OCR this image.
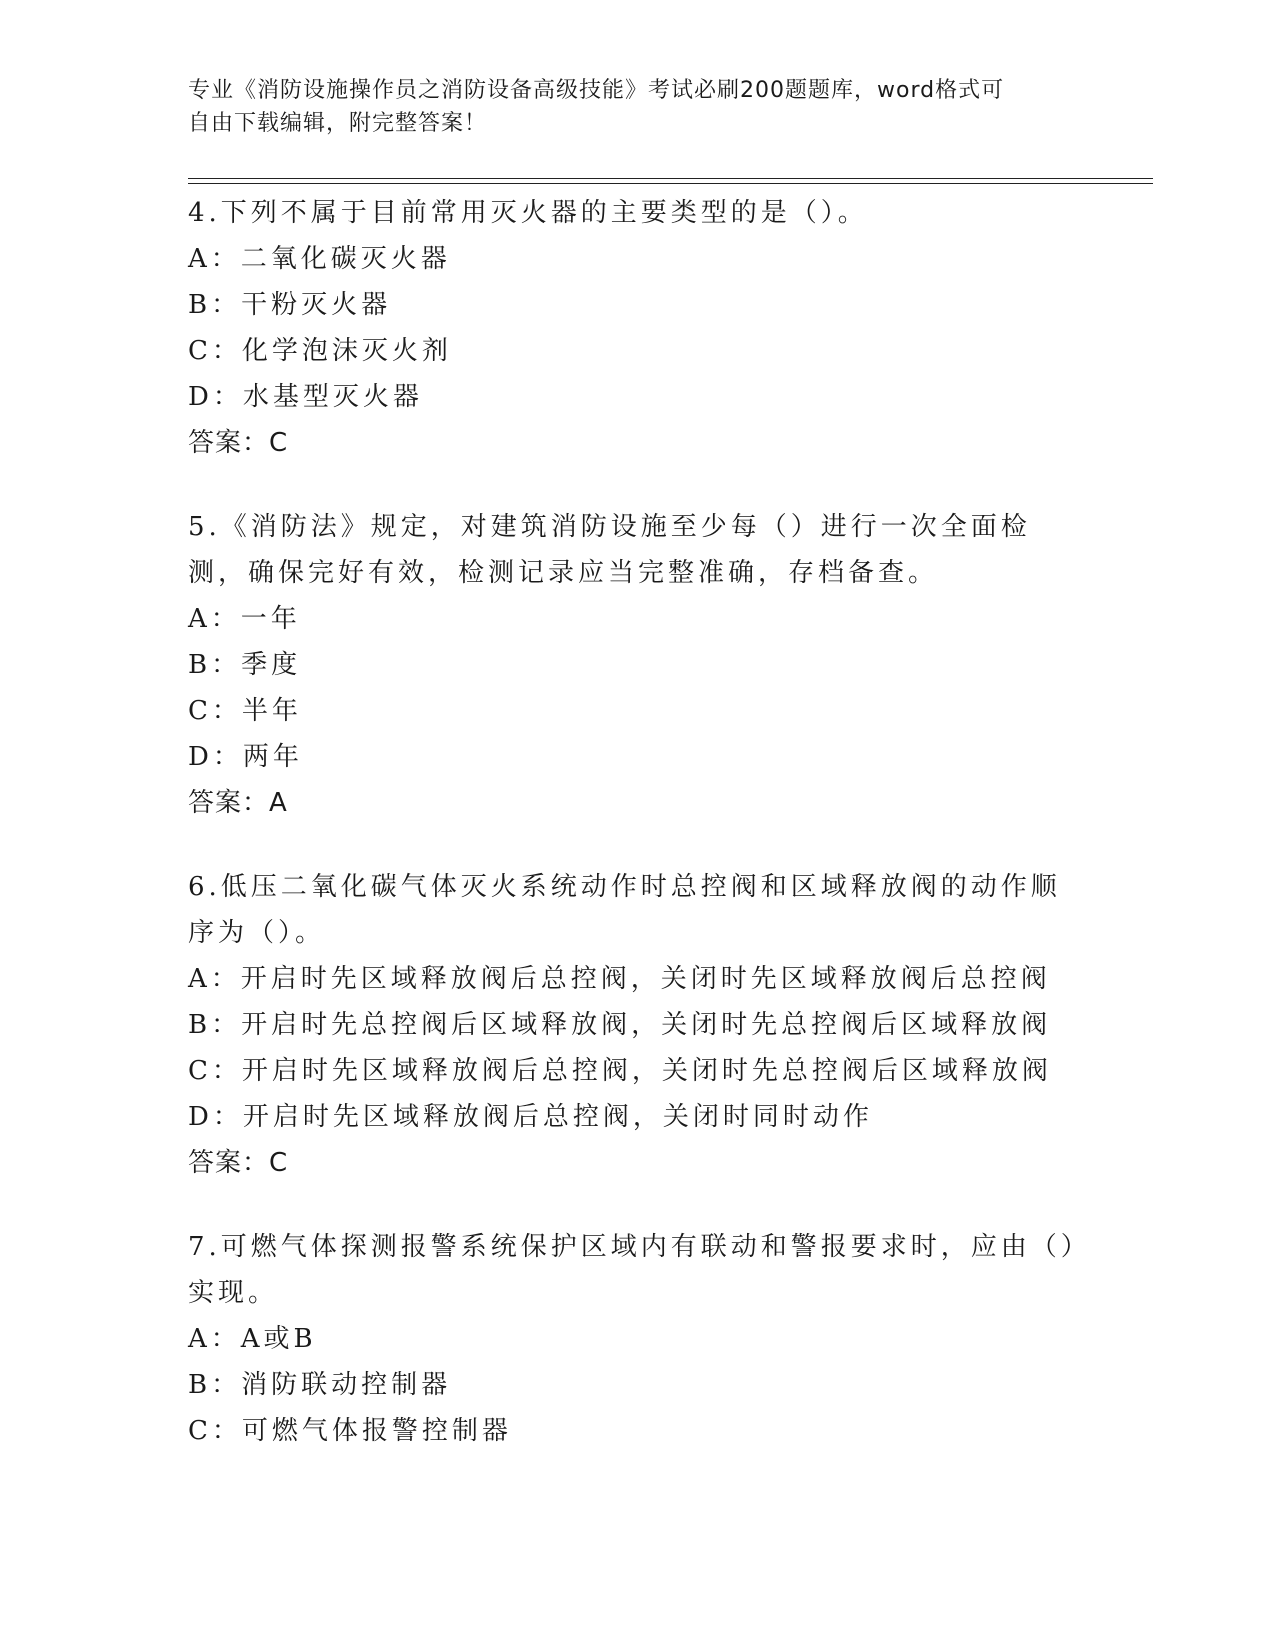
专业《消防设施操作员之消防设备高级技能》考试必刷200题题库，word格式可
自由下载编辑，附完整答案！

4.下列不属于目前常用灭火器的主要类型的是（）。

A：二氧化碳灭火器

B：干粉灭火器

C：化学泡沫灭火剂

D：水基型灭火器

答案：C

5.《消防法》规定，对建筑消防设施至少每（）进行一次全面检测，确保完好有效，检测记录应当完整准确，存档备查。

A：一年

B：季度

C：半年

D：两年

答案：A

6.低压二氧化碳气体灭火系统动作时总控阀和区域释放阀的动作顺序为（）。

A：开启时先区域释放阀后总控阀，关闭时先区域释放阀后总控阀

B：开启时先总控阀后区域释放阀，关闭时先总控阀后区域释放阀

C：开启时先区域释放阀后总控阀，关闭时先总控阀后区域释放阀

D：开启时先区域释放阀后总控阀，关闭时同时动作

答案：C

7.可燃气体探测报警系统保护区域内有联动和警报要求时，应由（）实现。

A：A或B

B：消防联动控制器

C：可燃气体报警控制器
